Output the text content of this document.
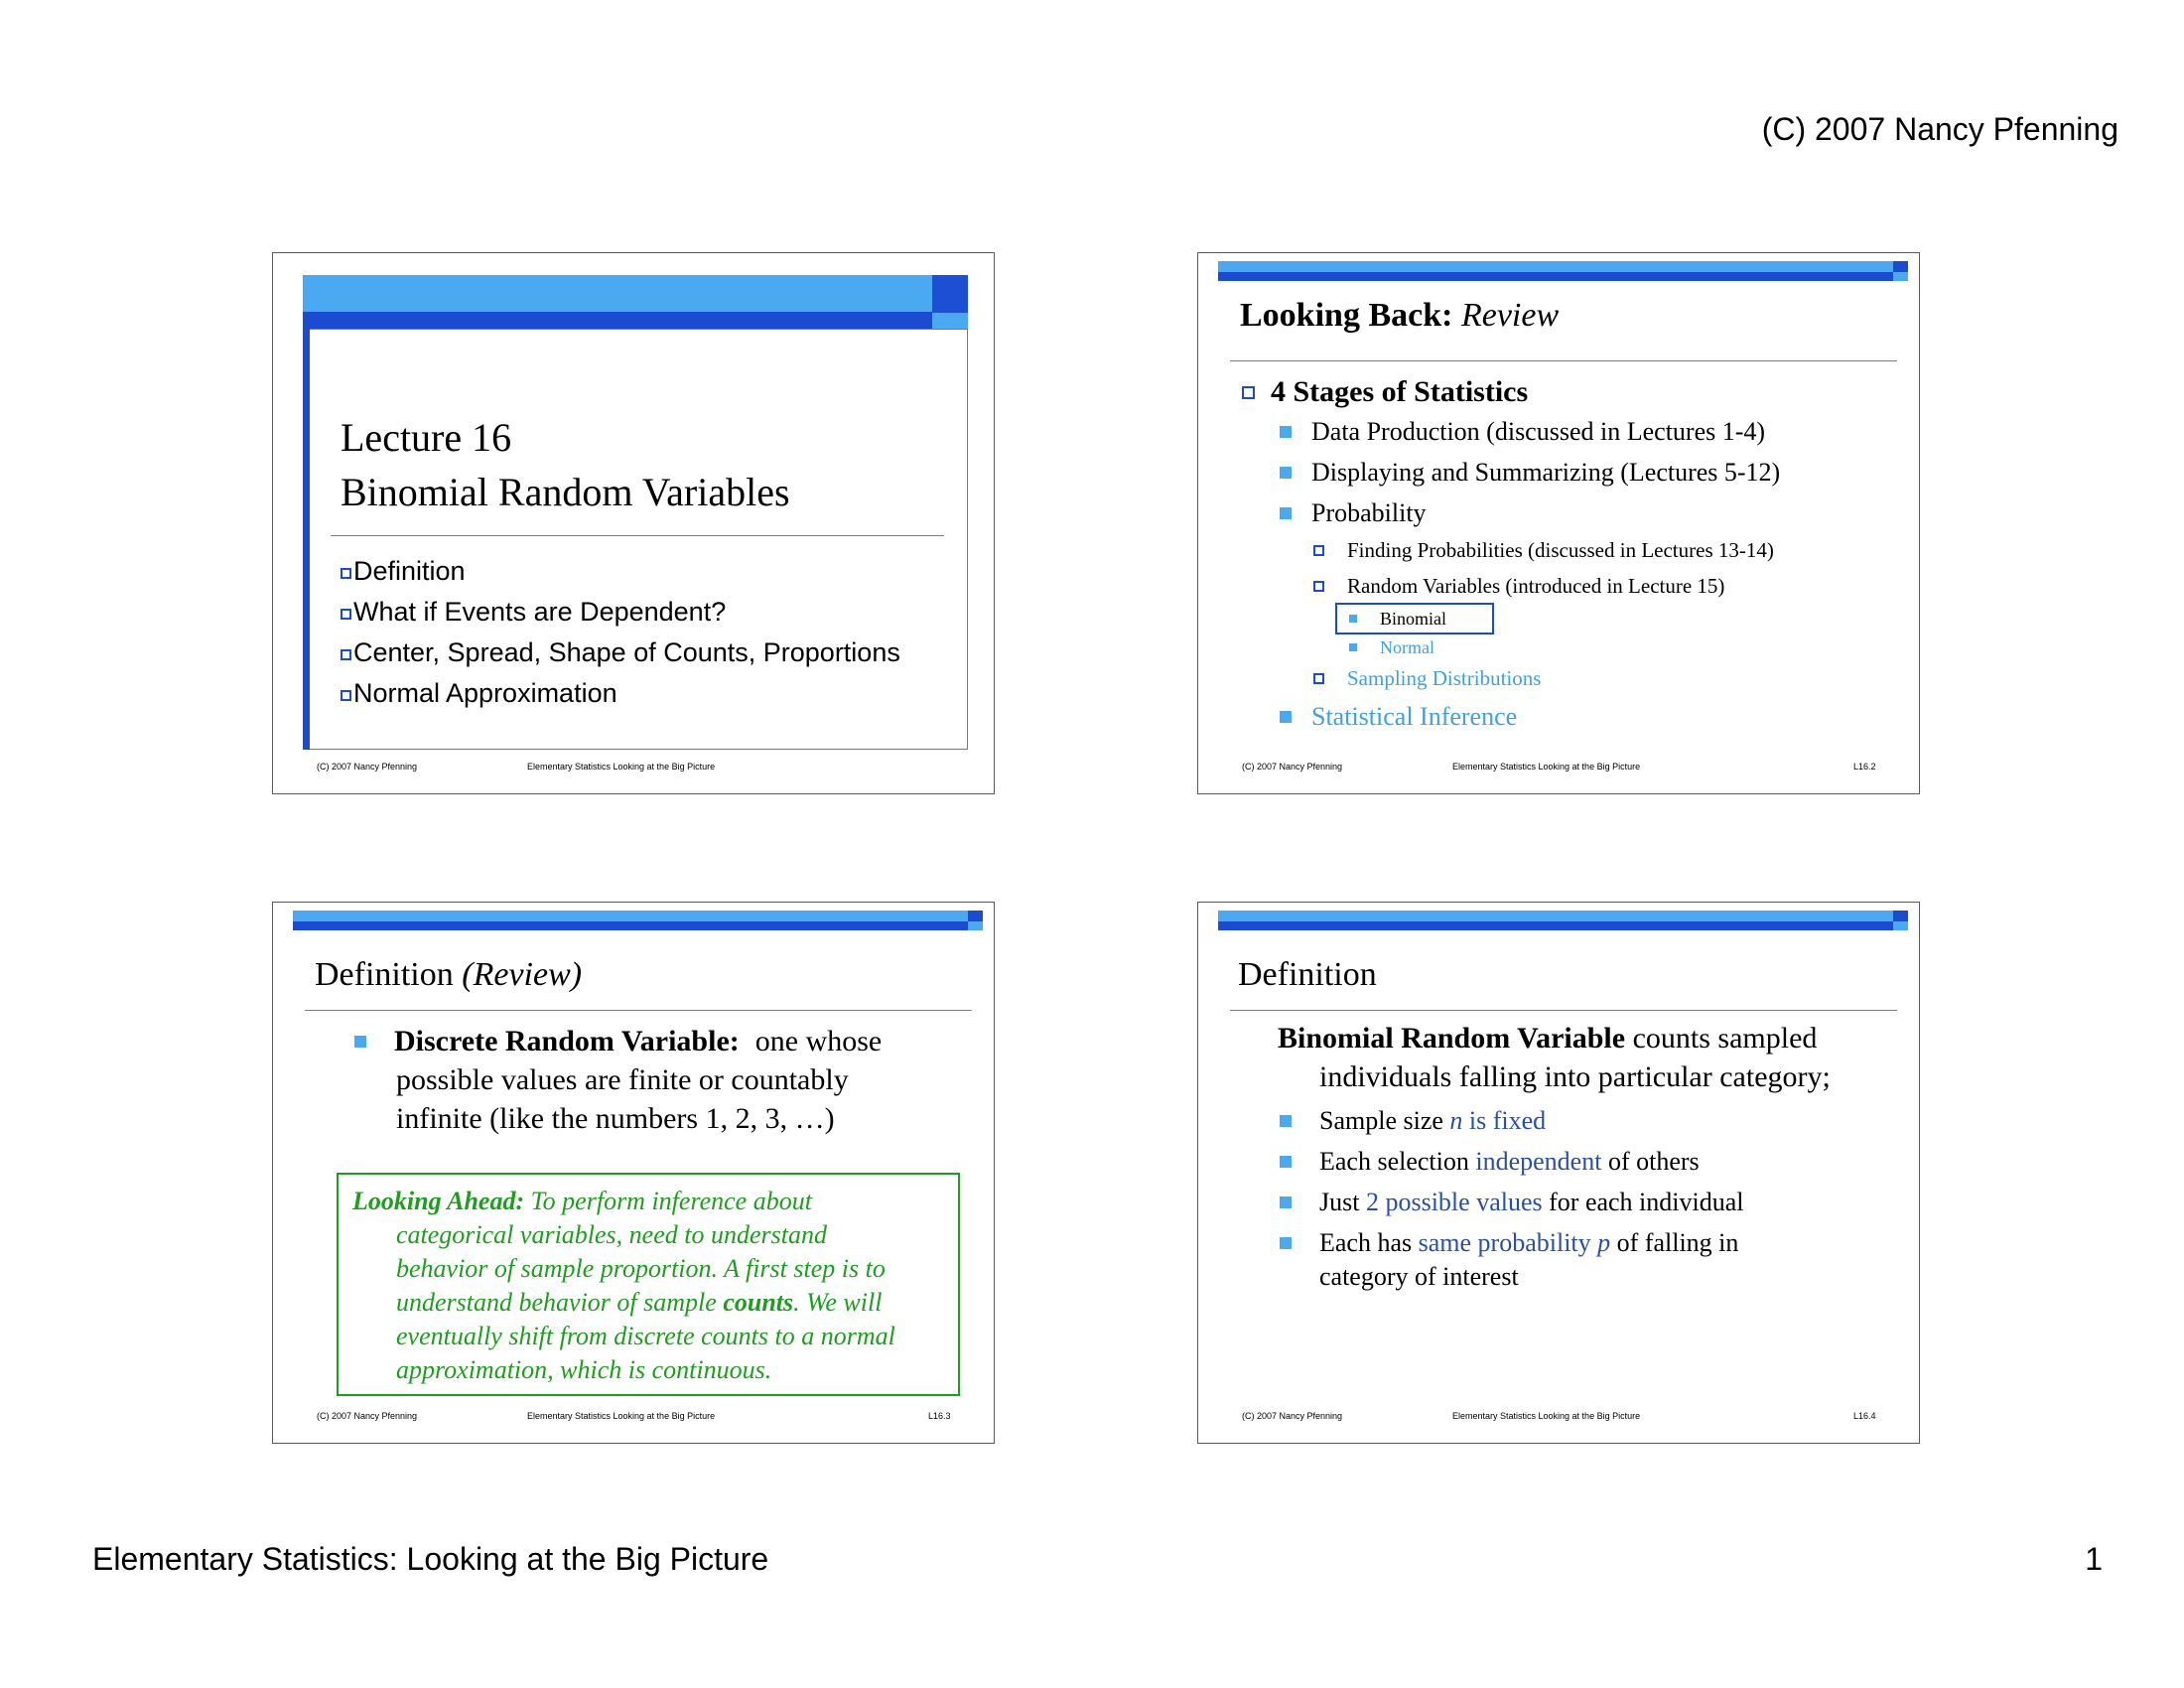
(C) 2007 Nancy Pfenning
Lecture 16
Binomial Random Variables
Definition
What if Events are Dependent?
Center, Spread, Shape of Counts, Proportions
Normal Approximation
(C) 2007 Nancy Pfenning	Elementary Statistics Looking at the Big Picture
Looking Back: Review
4 Stages of Statistics
Data Production (discussed in Lectures 1-4)
Displaying and Summarizing (Lectures 5-12)
Probability
Finding Probabilities (discussed in Lectures 13-14)
Random Variables (introduced in Lecture 15)
Binomial
Normal
Sampling Distributions
Statistical Inference
(C) 2007 Nancy Pfenning	Elementary Statistics Looking at the Big Picture	L16.2
Definition (Review)
Discrete Random Variable: one whose
possible values are finite or countably
infinite (like the numbers 1, 2, 3, …)
Looking Ahead: To perform inference about
categorical variables, need to understand
behavior of sample proportion. A first step is to
understand behavior of sample counts. We will
eventually shift from discrete counts to a normal
approximation, which is continuous.
(C) 2007 Nancy Pfenning	Elementary Statistics Looking at the Big Picture	L16.3
Definition
Binomial Random Variable counts sampled
individuals falling into particular category;
Sample size
n
is fixed
Each selection
independent
of others
Just
2 possible values
for each individual
Each has
same probability
p
of falling in
category of interest
(C) 2007 Nancy Pfenning	Elementary Statistics Looking at the Big Picture	L16.4
Elementary Statistics: Looking at the Big Picture	1
